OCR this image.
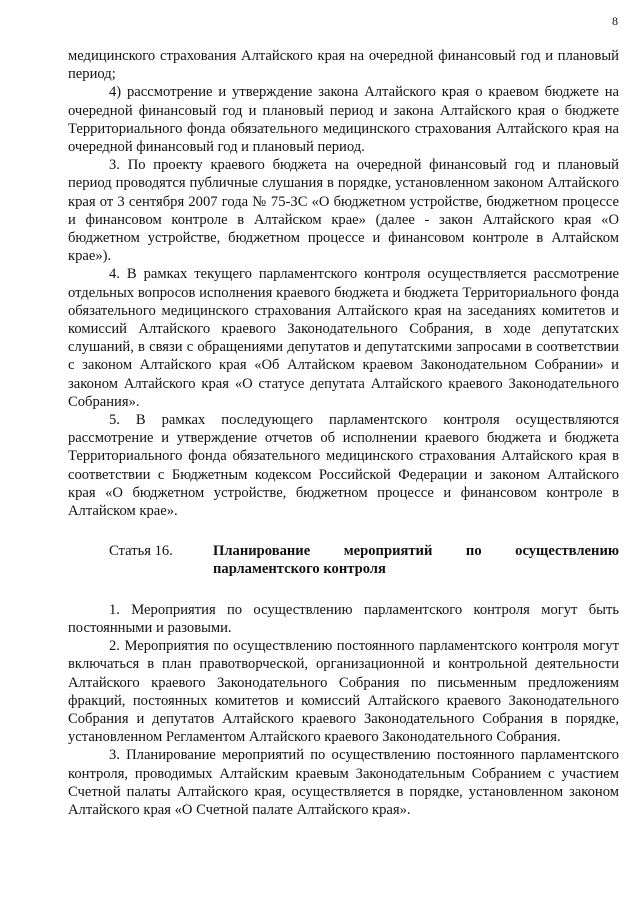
8

медицинского страхования Алтайского края на очередной финансовый год и плановый период;

4) рассмотрение и утверждение закона Алтайского края о краевом бюджете на очередной финансовый год и плановый период и закона Алтайского края о бюджете Территориального фонда обязательного медицинского страхования Алтайского края на очередной финансовый год и плановый период.

3. По проекту краевого бюджета на очередной финансовый год и плановый период проводятся публичные слушания в порядке, установленном законом Алтайского края от 3 сентября 2007 года № 75-ЗС «О бюджетном устройстве, бюджетном процессе и финансовом контроле в Алтайском крае» (далее - закон Алтайского края «О бюджетном устройстве, бюджетном процессе и финансовом контроле в Алтайском крае»).

4. В рамках текущего парламентского контроля осуществляется рассмотрение отдельных вопросов исполнения краевого бюджета и бюджета Территориального фонда обязательного медицинского страхования Алтайского края на заседаниях комитетов и комиссий Алтайского краевого Законодательного Собрания, в ходе депутатских слушаний, в связи с обращениями депутатов и депутатскими запросами в соответствии с законом Алтайского края «Об Алтайском краевом Законодательном Собрании» и законом Алтайского края «О статусе депутата Алтайского краевого Законодательного Собрания».

5. В рамках последующего парламентского контроля осуществляются рассмотрение и утверждение отчетов об исполнении краевого бюджета и бюджета Территориального фонда обязательного медицинского страхования Алтайского края в соответствии с Бюджетным кодексом Российской Федерации и законом Алтайского края «О бюджетном устройстве, бюджетном процессе и финансовом контроле в Алтайском крае».

Статья 16.	Планирование мероприятий по осуществлению
парламентского контроля

1. Мероприятия по осуществлению парламентского контроля могут быть постоянными и разовыми.

2. Мероприятия по осуществлению постоянного парламентского контроля могут включаться в план правотворческой, организационной и контрольной деятельности Алтайского краевого Законодательного Собрания по письменным предложениям фракций, постоянных комитетов и комиссий Алтайского краевого Законодательного Собрания и депутатов Алтайского краевого Законодательного Собрания в порядке, установленном Регламентом Алтайского краевого Законодательного Собрания.

3. Планирование мероприятий по осуществлению постоянного парламентского контроля, проводимых Алтайским краевым Законодательным Собранием с участием Счетной палаты Алтайского края, осуществляется в порядке, установленном законом Алтайского края «О Счетной палате Алтайского края».
